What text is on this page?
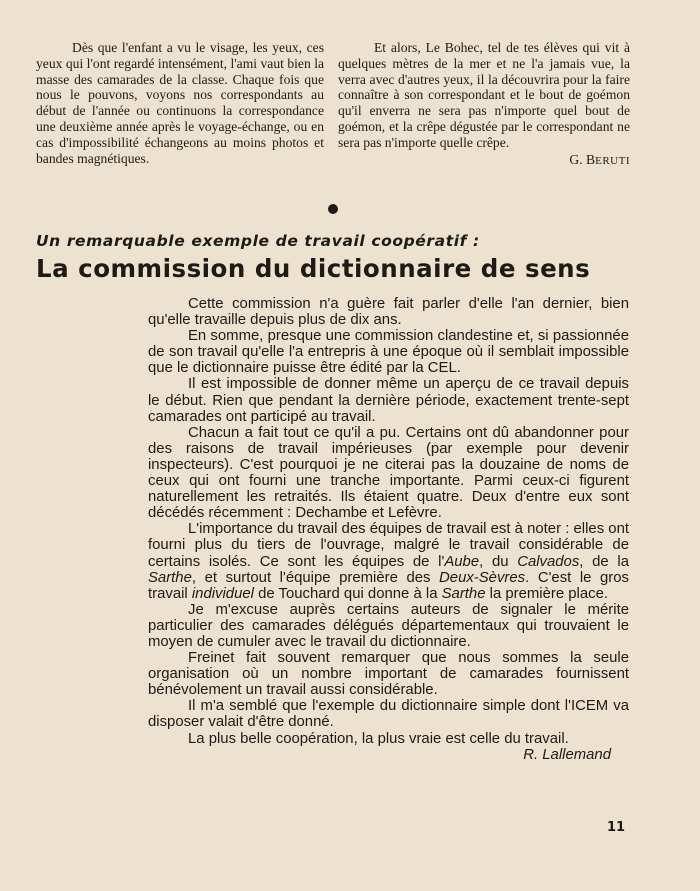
Dès que l'enfant a vu le visage, les yeux, ces yeux qui l'ont regardé intensément, l'ami vaut bien la masse des camarades de la classe. Chaque fois que nous le pouvons, voyons nos correspondants au début de l'année ou continuons la correspondance une deuxième année après le voyage-échange, ou en cas d'impossibilité échangeons au moins photos et bandes magnétiques.

Et alors, Le Bohec, tel de tes élèves qui vit à quelques mètres de la mer et ne l'a jamais vue, la verra avec d'autres yeux, il la découvrira pour la faire connaître à son correspondant et le bout de goémon qu'il enverra ne sera pas n'importe quel bout de goémon, et la crêpe dégustée par le correspondant ne sera pas n'importe quelle crêpe.

G. BERUTI
Un remarquable exemple de travail coopératif :
La commission du dictionnaire de sens

Cette commission n'a guère fait parler d'elle l'an dernier, bien qu'elle travaille depuis plus de dix ans.

En somme, presque une commission clandestine et, si passionnée de son travail qu'elle l'a entrepris à une époque où il semblait impossible que le dictionnaire puisse être édité par la CEL.

Il est impossible de donner même un aperçu de ce travail depuis le début. Rien que pendant la dernière période, exactement trente-sept camarades ont participé au travail.

Chacun a fait tout ce qu'il a pu. Certains ont dû abandonner pour des raisons de travail impérieuses (par exemple pour devenir inspecteurs). C'est pourquoi je ne citerai pas la douzaine de noms de ceux qui ont fourni une tranche importante. Parmi ceux-ci figurent naturellement les retraités. Ils étaient quatre. Deux d'entre eux sont décédés récemment : Dechambe et Lefèvre.

L'importance du travail des équipes de travail est à noter : elles ont fourni plus du tiers de l'ouvrage, malgré le travail considérable de certains isolés. Ce sont les équipes de l'Aube, du Calvados, de la Sarthe, et surtout l'équipe première des Deux-Sèvres. C'est le gros travail individuel de Touchard qui donne à la Sarthe la première place.

Je m'excuse auprès certains auteurs de signaler le mérite particulier des camarades délégués départementaux qui trouvaient le moyen de cumuler avec le travail du dictionnaire.

Freinet fait souvent remarquer que nous sommes la seule organisation où un nombre important de camarades fournissent bénévolement un travail aussi considérable.

Il m'a semblé que l'exemple du dictionnaire simple dont l'ICEM va disposer valait d'être donné.

La plus belle coopération, la plus vraie est celle du travail.

R. Lallemand
11
